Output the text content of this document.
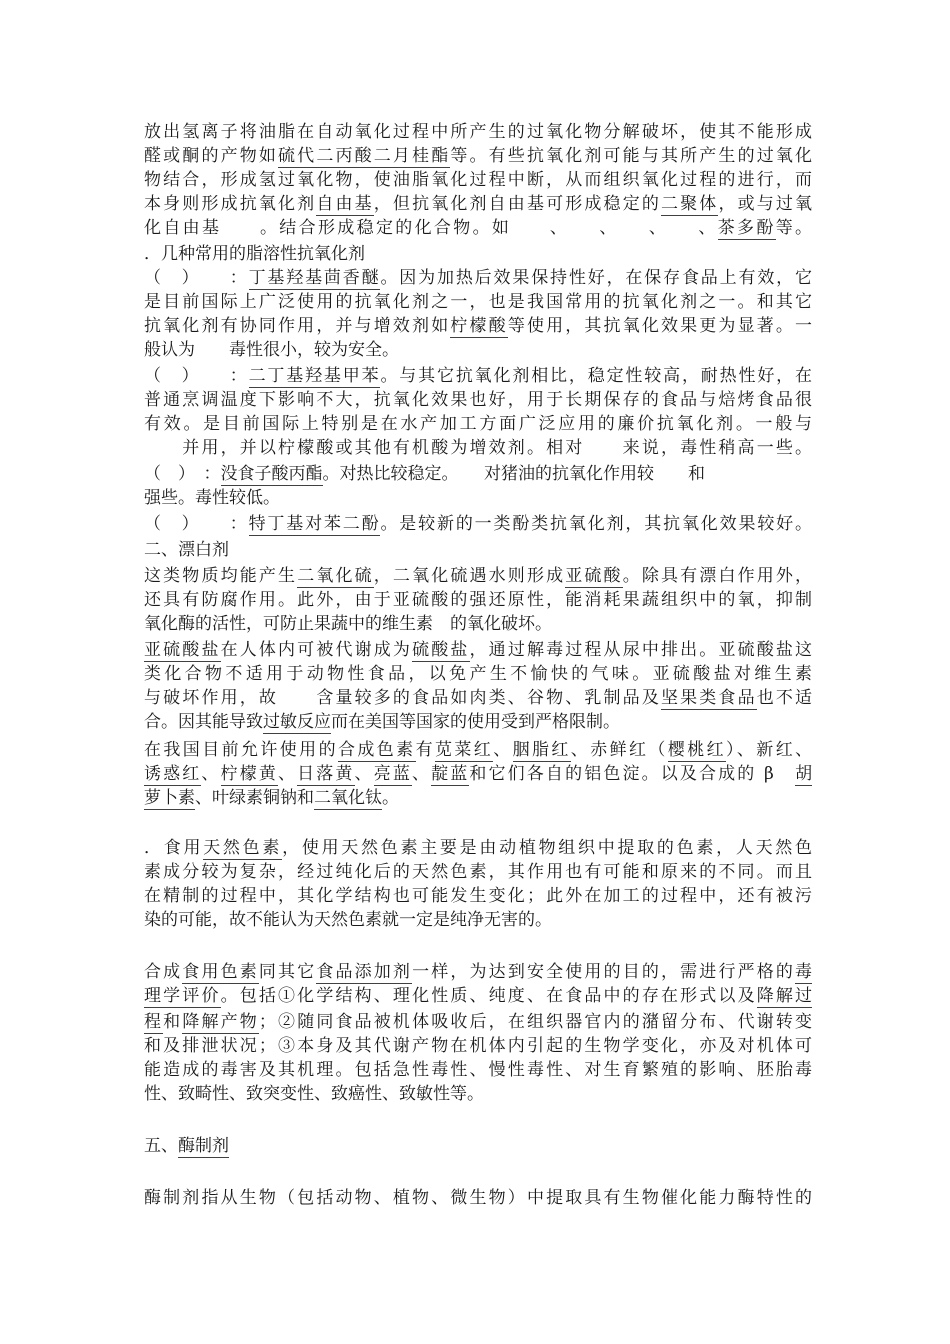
放出氢离子将油脂在自动氧化过程中所产生的过氧化物分解破坏，使其不能形成
醛或酮的产物如硫代二丙酸二月桂酯等。有些抗氧化剂可能与其所产生的过氧化
物结合，形成氢过氧化物，使油脂氧化过程中断，从而组织氧化过程的进行，而
本身则形成抗氧化剂自由基，但抗氧化剂自由基可形成稳定的二聚体，或与过氧
化自由基　　。结合形成稳定的化合物。如　　、　　、　　、　　、茶多酚等。
．几种常用的脂溶性抗氧化剂
（　）　　：丁基羟基茴香醚。因为加热后效果保持性好，在保存食品上有效，它
是目前国际上广泛使用的抗氧化剂之一，也是我国常用的抗氧化剂之一。和其它
抗氧化剂有协同作用，并与增效剂如柠檬酸等使用，其抗氧化效果更为显著。一
般认为　　毒性很小，较为安全。
（　）　　：二丁基羟基甲苯。与其它抗氧化剂相比，稳定性较高，耐热性好，在
普通烹调温度下影响不大，抗氧化效果也好，用于长期保存的食品与焙烤食品很
有效。是目前国际上特别是在水产加工方面广泛应用的廉价抗氧化剂。一般与
　　并用，并以柠檬酸或其他有机酸为增效剂。相对　　来说，毒性稍高一些。
（　）　：没食子酸丙酯。对热比较稳定。　　对猪油的抗氧化作用较　　和
强些。毒性较低。
（　）　　：特丁基对苯二酚。是较新的一类酚类抗氧化剂，其抗氧化效果较好。
二、漂白剂
这类物质均能产生二氧化硫，二氧化硫遇水则形成亚硫酸。除具有漂白作用外，
还具有防腐作用。此外，由于亚硫酸的强还原性，能消耗果蔬组织中的氧，抑制
氧化酶的活性，可防止果蔬中的维生素　的氧化破坏。
亚硫酸盐在人体内可被代谢成为硫酸盐，通过解毒过程从尿中排出。亚硫酸盐这
类化合物不适用于动物性食品，以免产生不愉快的气味。亚硫酸盐对维生素
与破坏作用，故　　含量较多的食品如肉类、谷物、乳制品及坚果类食品也不适
合。因其能导致过敏反应而在美国等国家的使用受到严格限制。
在我国目前允许使用的合成色素有苋菜红、胭脂红、赤鲜红（樱桃红）、新红、
诱惑红、柠檬黄、日落黄、亮蓝、靛蓝和它们各自的铝色淀。以及合成的 β　胡
萝卜素、叶绿素铜钠和二氧化钛。
．食用天然色素，使用天然色素主要是由动植物组织中提取的色素，人天然色
素成分较为复杂，经过纯化后的天然色素，其作用也有可能和原来的不同。而且
在精制的过程中，其化学结构也可能发生变化；此外在加工的过程中，还有被污
染的可能，故不能认为天然色素就一定是纯净无害的。
合成食用色素同其它食品添加剂一样，为达到安全使用的目的，需进行严格的毒
理学评价。包括①化学结构、理化性质、纯度、在食品中的存在形式以及降解过
程和降解产物；②随同食品被机体吸收后，在组织器官内的潴留分布、代谢转变
和及排泄状况；③本身及其代谢产物在机体内引起的生物学变化，亦及对机体可
能造成的毒害及其机理。包括急性毒性、慢性毒性、对生育繁殖的影响、胚胎毒
性、致畸性、致突变性、致癌性、致敏性等。
五、酶制剂
酶制剂指从生物（包括动物、植物、微生物）中提取具有生物催化能力酶特性的
